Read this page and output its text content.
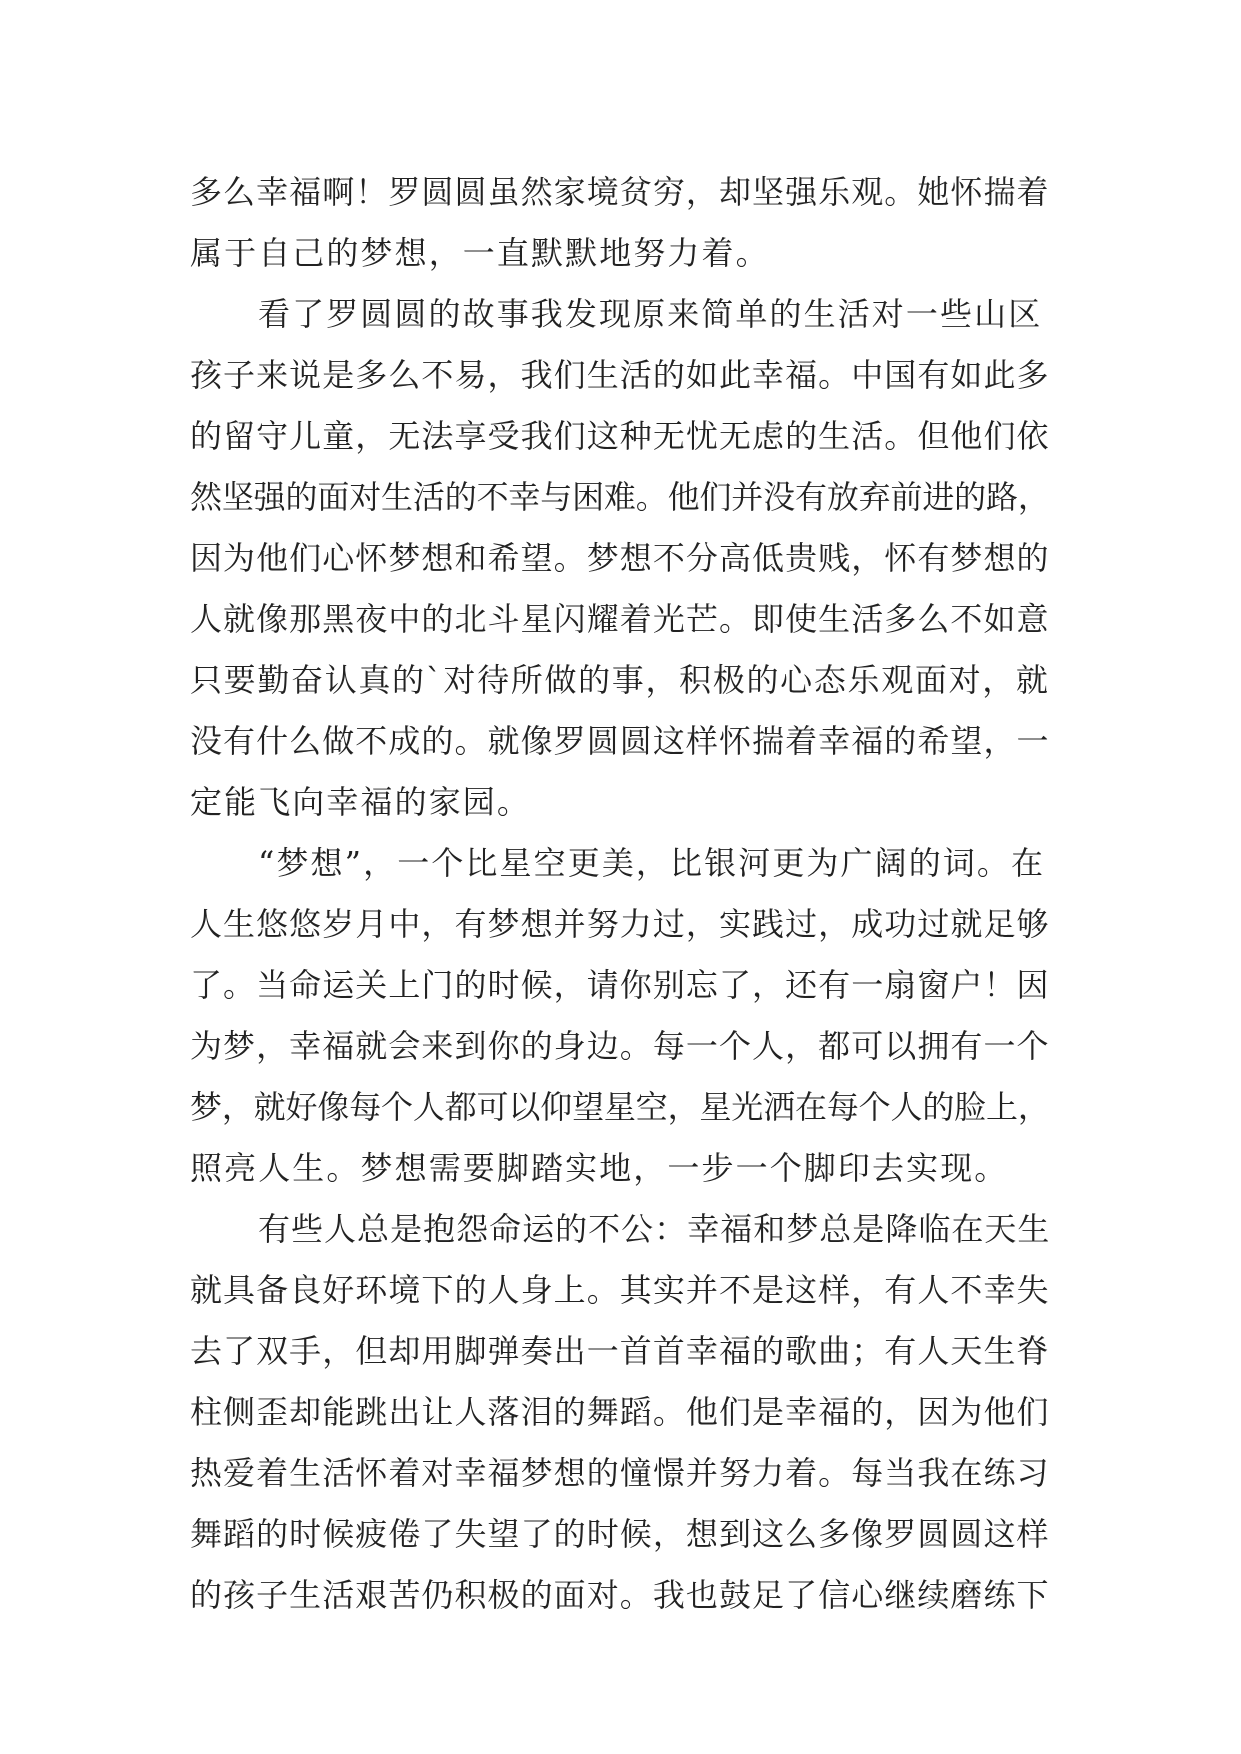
多么幸福啊！罗圆圆虽然家境贫穷，却坚强乐观。她怀揣着
属于自己的梦想，一直默默地努力着。
看了罗圆圆的故事我发现原来简单的生活对一些山区
孩子来说是多么不易，我们生活的如此幸福。中国有如此多
的留守儿童，无法享受我们这种无忧无虑的生活。但他们依
然坚强的面对生活的不幸与困难。他们并没有放弃前进的路，
因为他们心怀梦想和希望。梦想不分高低贵贱，怀有梦想的
人就像那黑夜中的北斗星闪耀着光芒。即使生活多么不如意
只要勤奋认真的`对待所做的事，积极的心态乐观面对，就
没有什么做不成的。就像罗圆圆这样怀揣着幸福的希望，一
定能飞向幸福的家园。
“梦想”，一个比星空更美，比银河更为广阔的词。在
人生悠悠岁月中，有梦想并努力过，实践过，成功过就足够
了。当命运关上门的时候，请你别忘了，还有一扇窗户！因
为梦，幸福就会来到你的身边。每一个人，都可以拥有一个
梦，就好像每个人都可以仰望星空，星光洒在每个人的脸上，
照亮人生。梦想需要脚踏实地，一步一个脚印去实现。
有些人总是抱怨命运的不公：幸福和梦总是降临在天生
就具备良好环境下的人身上。其实并不是这样，有人不幸失
去了双手，但却用脚弹奏出一首首幸福的歌曲；有人天生脊
柱侧歪却能跳出让人落泪的舞蹈。他们是幸福的，因为他们
热爱着生活怀着对幸福梦想的憧憬并努力着。每当我在练习
舞蹈的时候疲倦了失望了的时候，想到这么多像罗圆圆这样
的孩子生活艰苦仍积极的面对。我也鼓足了信心继续磨练下
